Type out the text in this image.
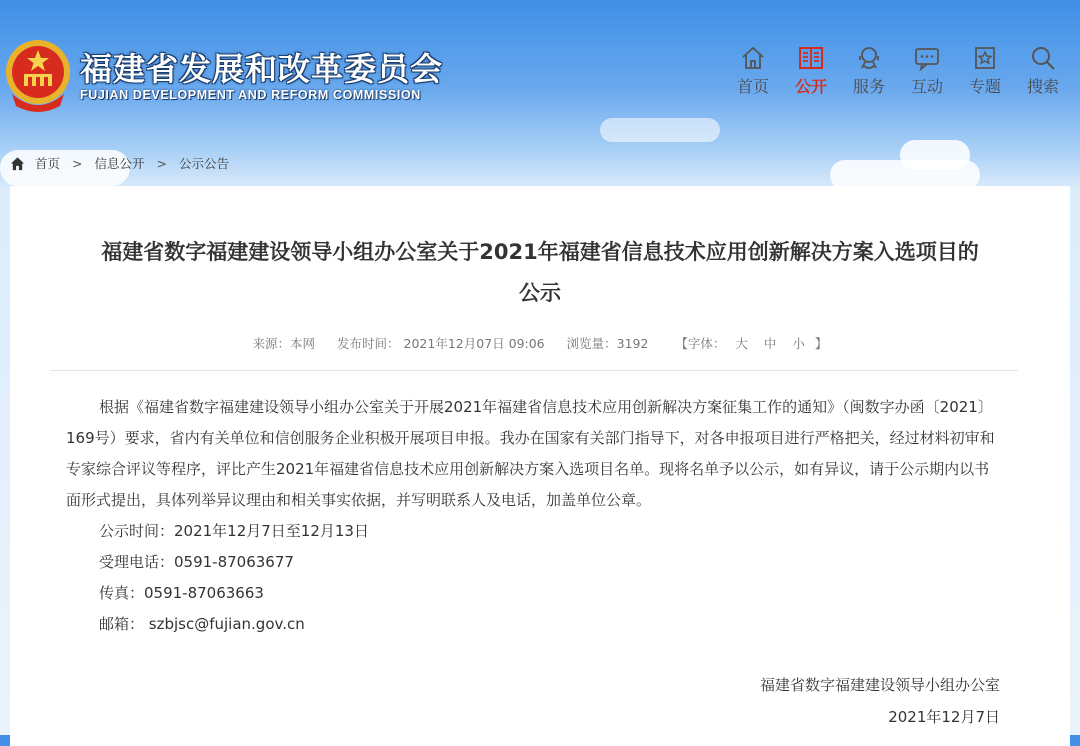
福建省发展和改革委员会
FUJIAN DEVELOPMENT AND REFORM COMMISSION	首页	公开	服务	互动	专题	搜索
首页 > 信息公开 > 公示公告
福建省数字福建建设领导小组办公室关于2021年福建省信息技术应用创新解决方案入选项目的
公示
来源：本网 发布时间： 2021年12月07日 09:06 浏览量：3192 【字体： 大 中 小 】

根据《福建省数字福建建设领导小组办公室关于开展2021年福建省信息技术应用创新解决方案征集工作的通知》（闽数字办函〔2021〕169号）要求，省内有关单位和信创服务企业积极开展项目申报。我办在国家有关部门指导下，对各申报项目进行严格把关，经过材料初审和专家综合评议等程序，评比产生2021年福建省信息技术应用创新解决方案入选项目名单。现将名单予以公示，如有异议，请于公示期内以书面形式提出，具体列举异议理由和相关事实依据，并写明联系人及电话，加盖单位公章。

公示时间：2021年12月7日至12月13日

受理电话：0591-87063677

传真：0591-87063663

邮箱： szbjsc@fujian.gov.cn

福建省数字福建建设领导小组办公室
2021年12月7日
